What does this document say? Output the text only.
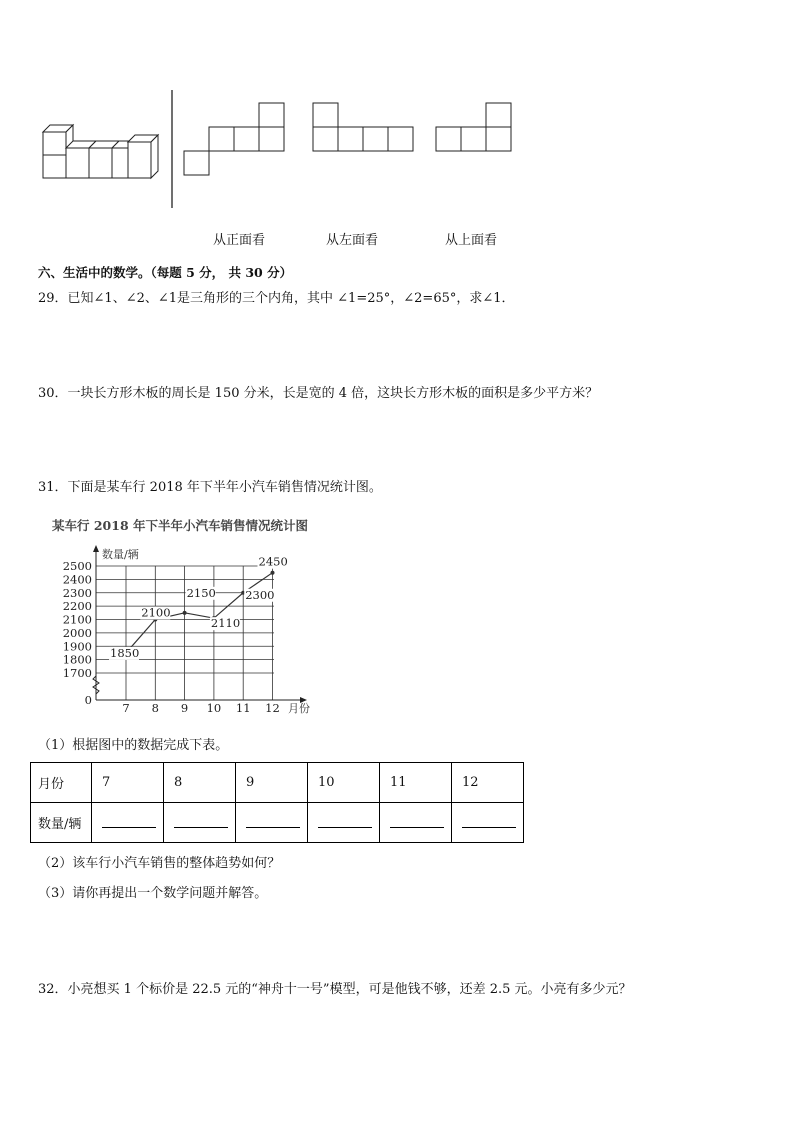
从正面看	从左面看	从上面看
六、生活中的数学。（每题 5 分， 共 30 分）
29．已知∠1、∠2、∠1是三角形的三个内角，其中 ∠1=25°，∠2=65°，求∠1．
30．一块长方形木板的周长是 150 分米，长是宽的 4 倍，这块长方形木板的面积是多少平方米？
31．下面是某车行 2018 年下半年小汽车销售情况统计图。
某车行 2018 年下半年小汽车销售情况统计图
0
1700
1800
1900
2000
2100
2200
2300
2400
2500
7 8 9 10 11 12
1850
2100
2150
2110
2300
2450
数量/辆
月份
（1）根据图中的数据完成下表。
月份	7	8	9	10	11	12
数量/辆						
（2）该车行小汽车销售的整体趋势如何？
（3）请你再提出一个数学问题并解答。
32．小亮想买 1 个标价是 22.5 元的“神舟十一号”模型，可是他钱不够，还差 2.5 元。小亮有多少元？
